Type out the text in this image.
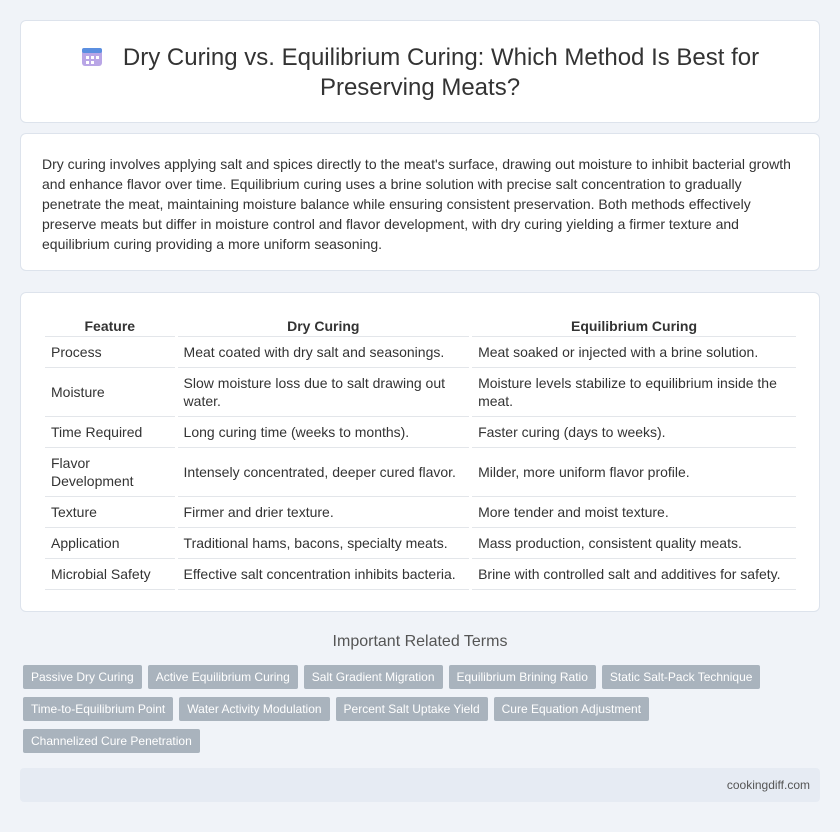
Dry Curing vs. Equilibrium Curing: Which Method Is Best for Preserving Meats?

Dry curing involves applying salt and spices directly to the meat's surface, drawing out moisture to inhibit bacterial growth and enhance flavor over time. Equilibrium curing uses a brine solution with precise salt concentration to gradually penetrate the meat, maintaining moisture balance while ensuring consistent preservation. Both methods effectively preserve meats but differ in moisture control and flavor development, with dry curing yielding a firmer texture and equilibrium curing providing a more uniform seasoning.

Feature	Dry Curing	Equilibrium Curing
Process	Meat coated with dry salt and seasonings.	Meat soaked or injected with a brine solution.
Moisture	Slow moisture loss due to salt drawing out water.	Moisture levels stabilize to equilibrium inside the meat.
Time Required	Long curing time (weeks to months).	Faster curing (days to weeks).
Flavor Development	Intensely concentrated, deeper cured flavor.	Milder, more uniform flavor profile.
Texture	Firmer and drier texture.	More tender and moist texture.
Application	Traditional hams, bacons, specialty meats.	Mass production, consistent quality meats.
Microbial Safety	Effective salt concentration inhibits bacteria.	Brine with controlled salt and additives for safety.
Important Related Terms
Passive Dry Curing Active Equilibrium Curing Salt Gradient Migration Equilibrium Brining Ratio Static Salt-Pack Technique
Time-to-Equilibrium Point Water Activity Modulation Percent Salt Uptake Yield Cure Equation Adjustment
Channelized Cure Penetration
cookingdiff.com
